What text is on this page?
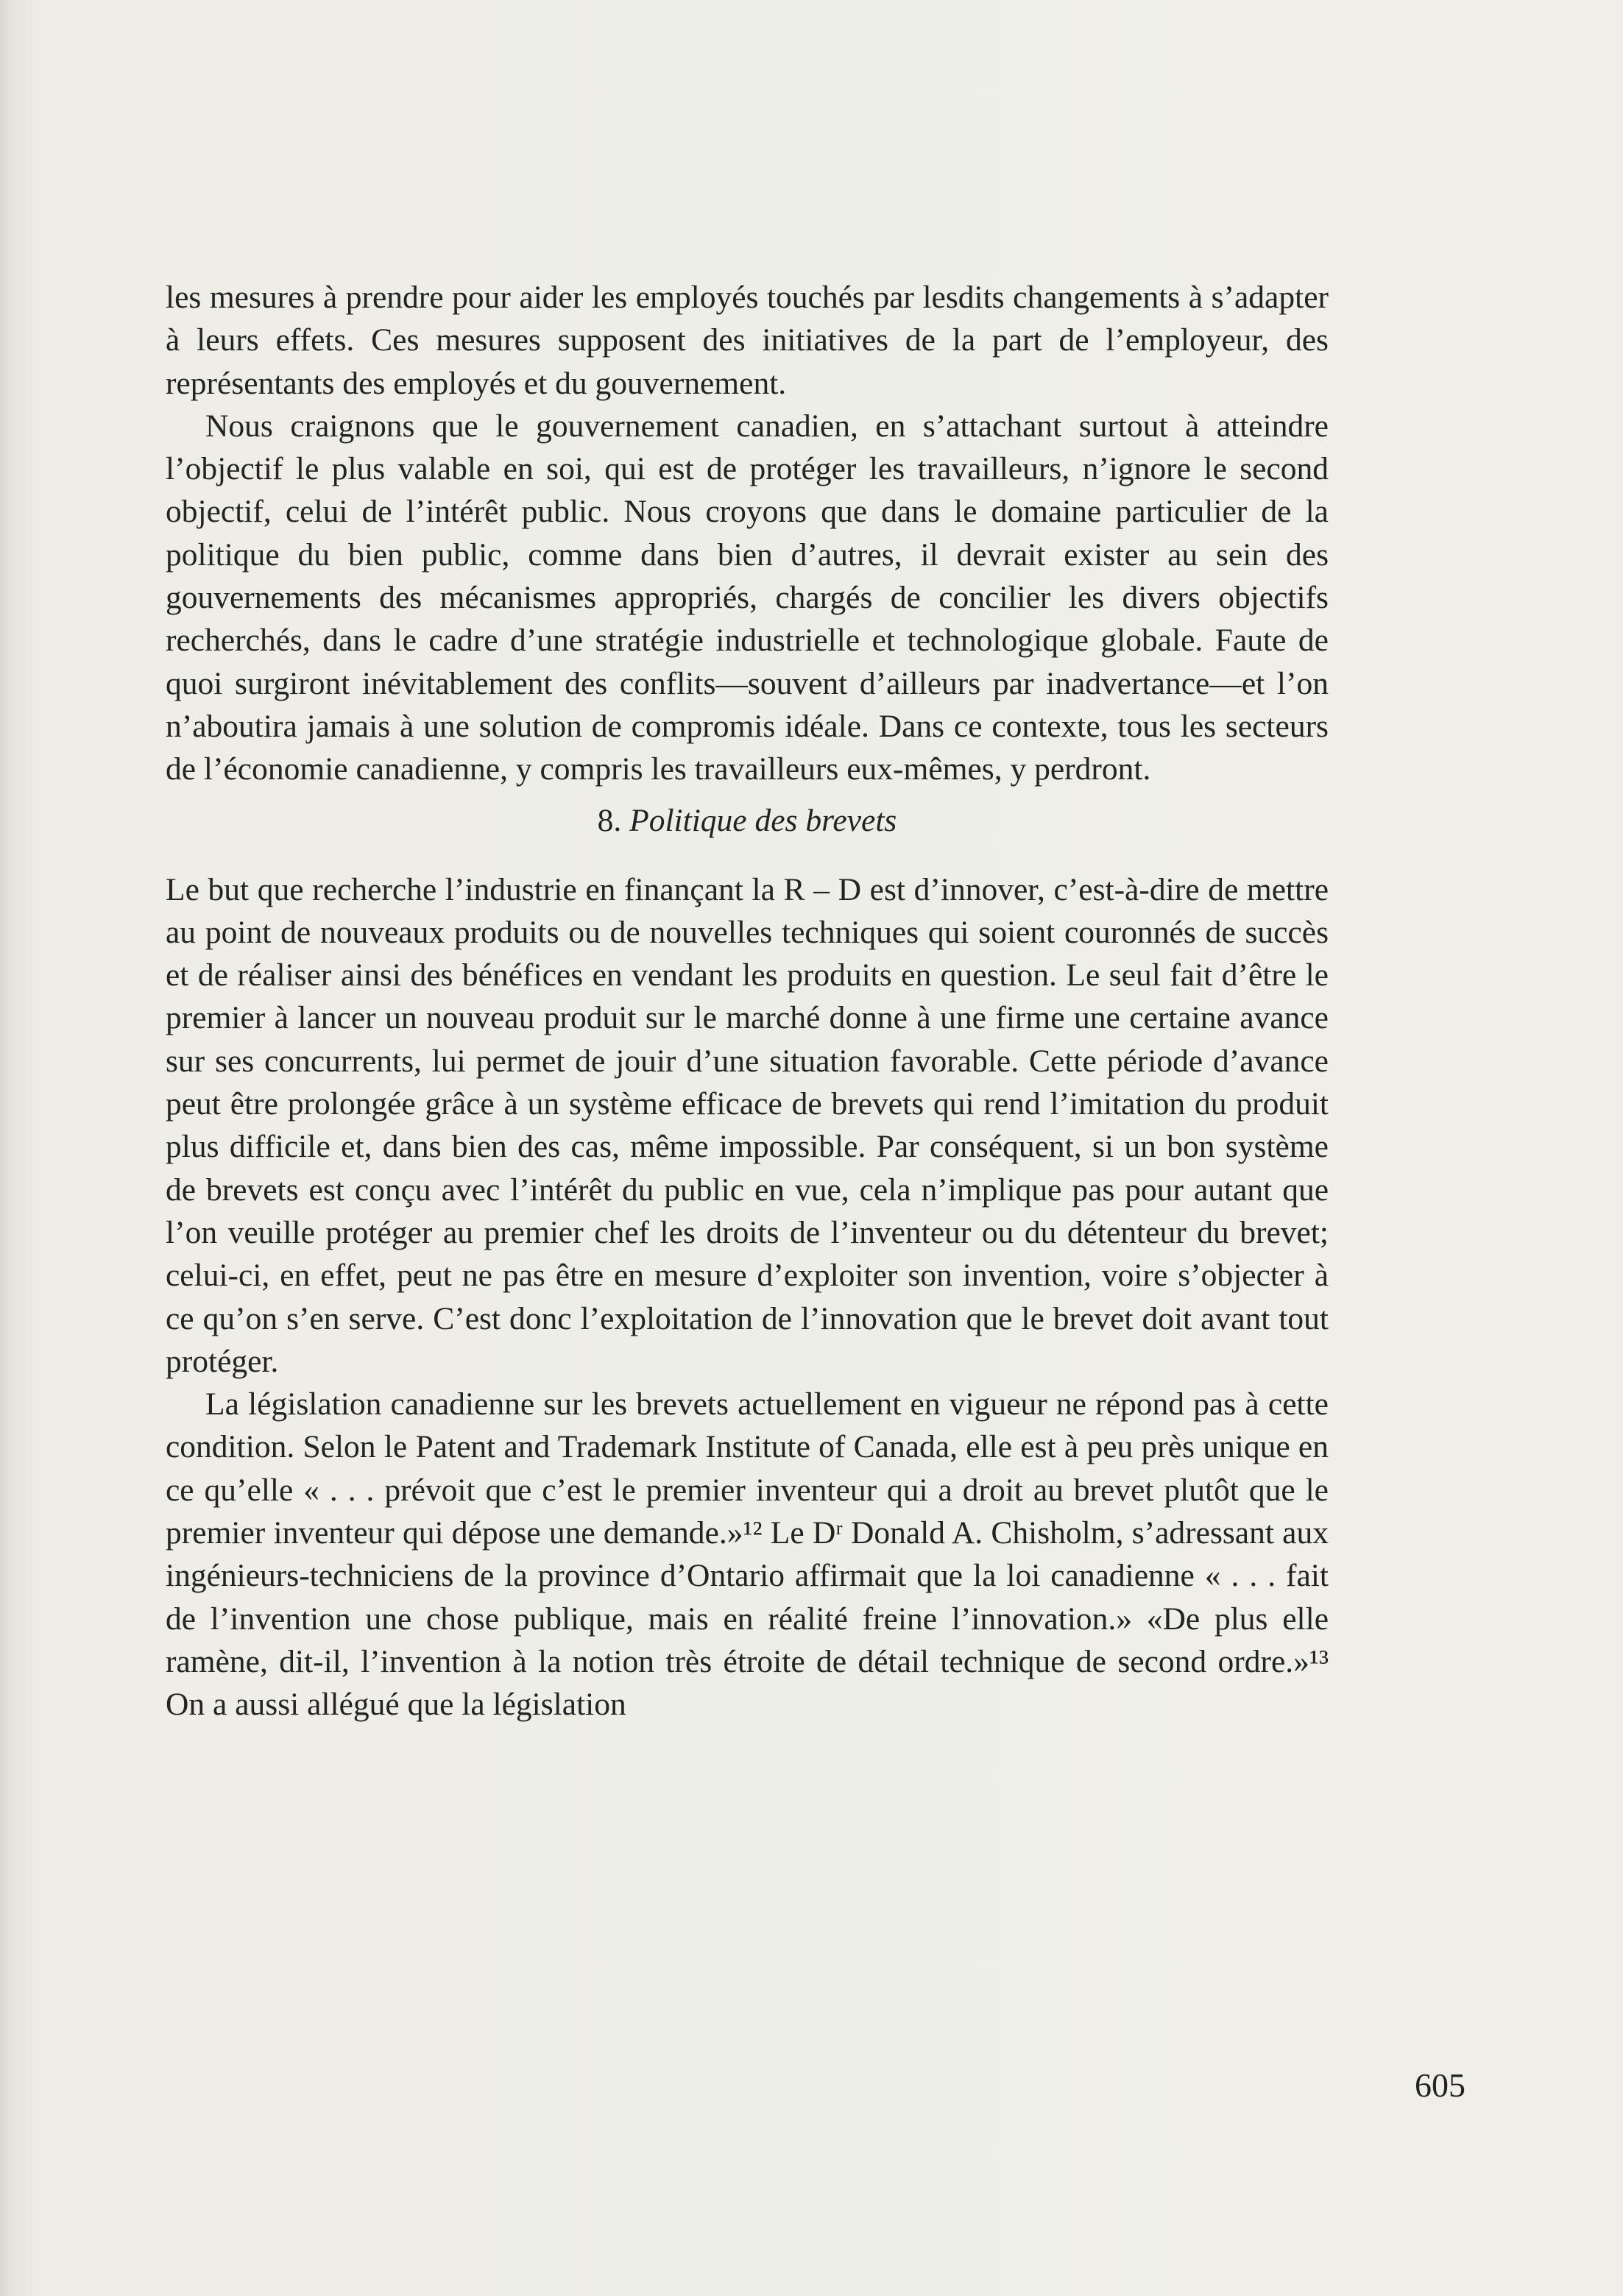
les mesures à prendre pour aider les employés touchés par lesdits changements à s’adapter à leurs effets. Ces mesures supposent des initiatives de la part de l’employeur, des représentants des employés et du gouvernement.

Nous craignons que le gouvernement canadien, en s’attachant surtout à atteindre l’objectif le plus valable en soi, qui est de protéger les travailleurs, n’ignore le second objectif, celui de l’intérêt public. Nous croyons que dans le domaine particulier de la politique du bien public, comme dans bien d’autres, il devrait exister au sein des gouvernements des mécanismes appropriés, chargés de concilier les divers objectifs recherchés, dans le cadre d’une stratégie industrielle et technologique globale. Faute de quoi surgiront inévitablement des conflits—souvent d’ailleurs par inadvertance—et l’on n’aboutira jamais à une solution de compromis idéale. Dans ce contexte, tous les secteurs de l’économie canadienne, y compris les travailleurs eux-mêmes, y perdront.

8. Politique des brevets

Le but que recherche l’industrie en finançant la R – D est d’innover, c’est-à-dire de mettre au point de nouveaux produits ou de nouvelles techniques qui soient couronnés de succès et de réaliser ainsi des bénéfices en vendant les produits en question. Le seul fait d’être le premier à lancer un nouveau produit sur le marché donne à une firme une certaine avance sur ses concurrents, lui permet de jouir d’une situation favorable. Cette période d’avance peut être prolongée grâce à un système efficace de brevets qui rend l’imitation du produit plus difficile et, dans bien des cas, même impossible. Par conséquent, si un bon système de brevets est conçu avec l’intérêt du public en vue, cela n’implique pas pour autant que l’on veuille protéger au premier chef les droits de l’inventeur ou du détenteur du brevet; celui-ci, en effet, peut ne pas être en mesure d’exploiter son invention, voire s’objecter à ce qu’on s’en serve. C’est donc l’exploitation de l’innovation que le brevet doit avant tout protéger.

La législation canadienne sur les brevets actuellement en vigueur ne répond pas à cette condition. Selon le Patent and Trademark Institute of Canada, elle est à peu près unique en ce qu’elle « . . . prévoit que c’est le premier inventeur qui a droit au brevet plutôt que le premier inventeur qui dépose une demande.»¹² Le Dʳ Donald A. Chisholm, s’adressant aux ingénieurs-techniciens de la province d’Ontario affirmait que la loi canadienne « . . . fait de l’invention une chose publique, mais en réalité freine l’innovation.» «De plus elle ramène, dit-il, l’invention à la notion très étroite de détail technique de second ordre.»¹³ On a aussi allégué que la législation

605
